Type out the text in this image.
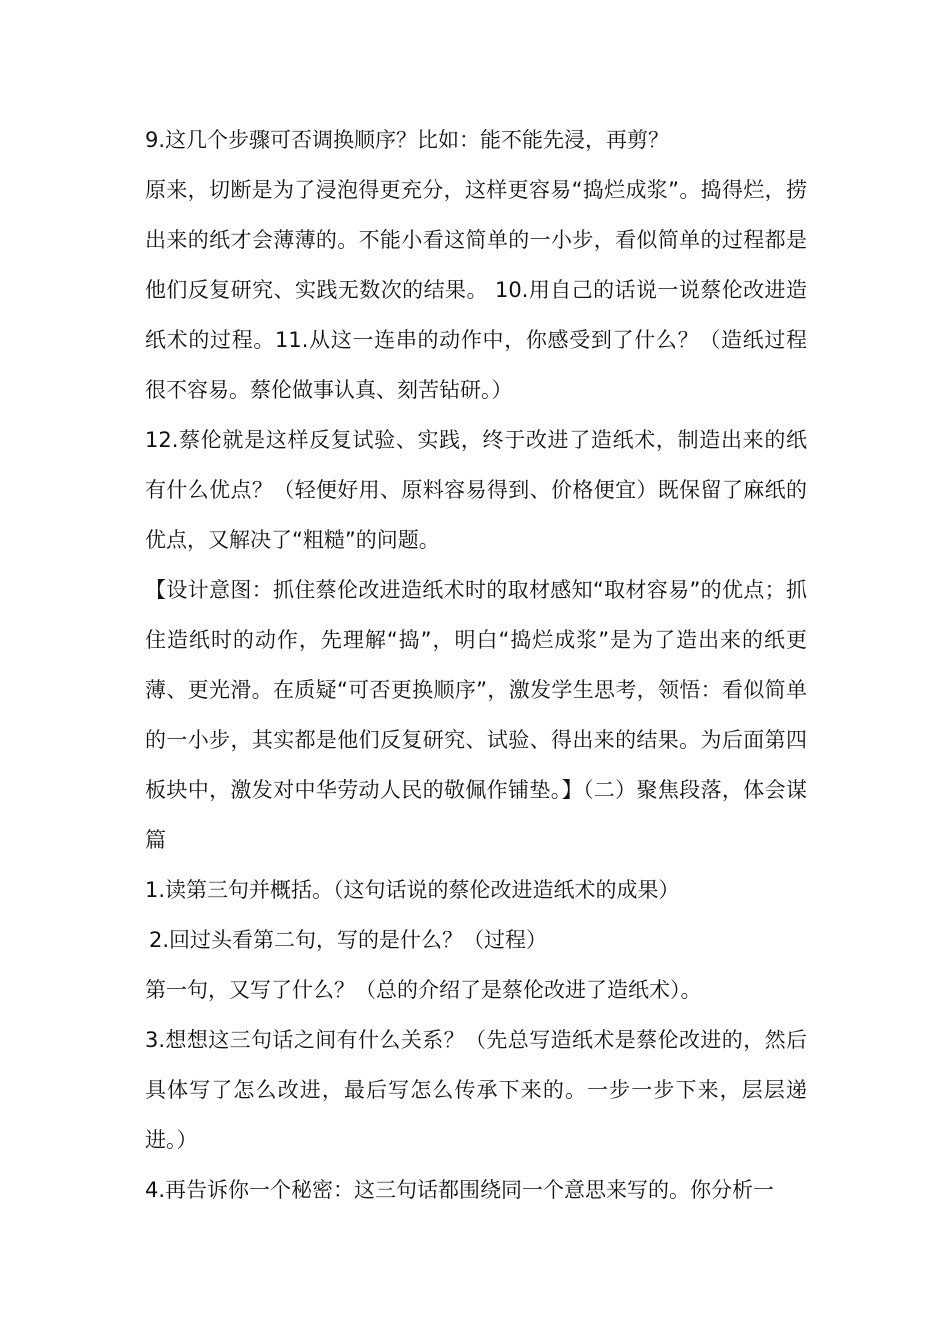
9.这几个步骤可否调换顺序？比如：能不能先浸，再剪？

原来，切断是为了浸泡得更充分，这样更容易“捣烂成浆”。捣得烂，捞出来的纸才会薄薄的。不能小看这简单的一小步，看似简单的过程都是他们反复研究、实践无数次的结果。 10.用自己的话说一说蔡伦改进造纸术的过程。11.从这一连串的动作中，你感受到了什么？（造纸过程很不容易。蔡伦做事认真、刻苦钻研。）

12.蔡伦就是这样反复试验、实践，终于改进了造纸术，制造出来的纸有什么优点？（轻便好用、原料容易得到、价格便宜）既保留了麻纸的优点，又解决了“粗糙”的问题。

【设计意图：抓住蔡伦改进造纸术时的取材感知“取材容易”的优点；抓住造纸时的动作，先理解“捣”，明白“捣烂成浆”是为了造出来的纸更薄、更光滑。在质疑“可否更换顺序”，激发学生思考，领悟：看似简单的一小步，其实都是他们反复研究、试验、得出来的结果。为后面第四板块中，激发对中华劳动人民的敬佩作铺垫。】（二）聚焦段落，体会谋篇

1.读第三句并概括。（这句话说的蔡伦改进造纸术的成果）

2.回过头看第二句，写的是什么？（过程）

第一句，又写了什么？（总的介绍了是蔡伦改进了造纸术）。

3.想想这三句话之间有什么关系？（先总写造纸术是蔡伦改进的，然后具体写了怎么改进，最后写怎么传承下来的。一步一步下来，层层递进。）

4.再告诉你一个秘密：这三句话都围绕同一个意思来写的。你分析一
